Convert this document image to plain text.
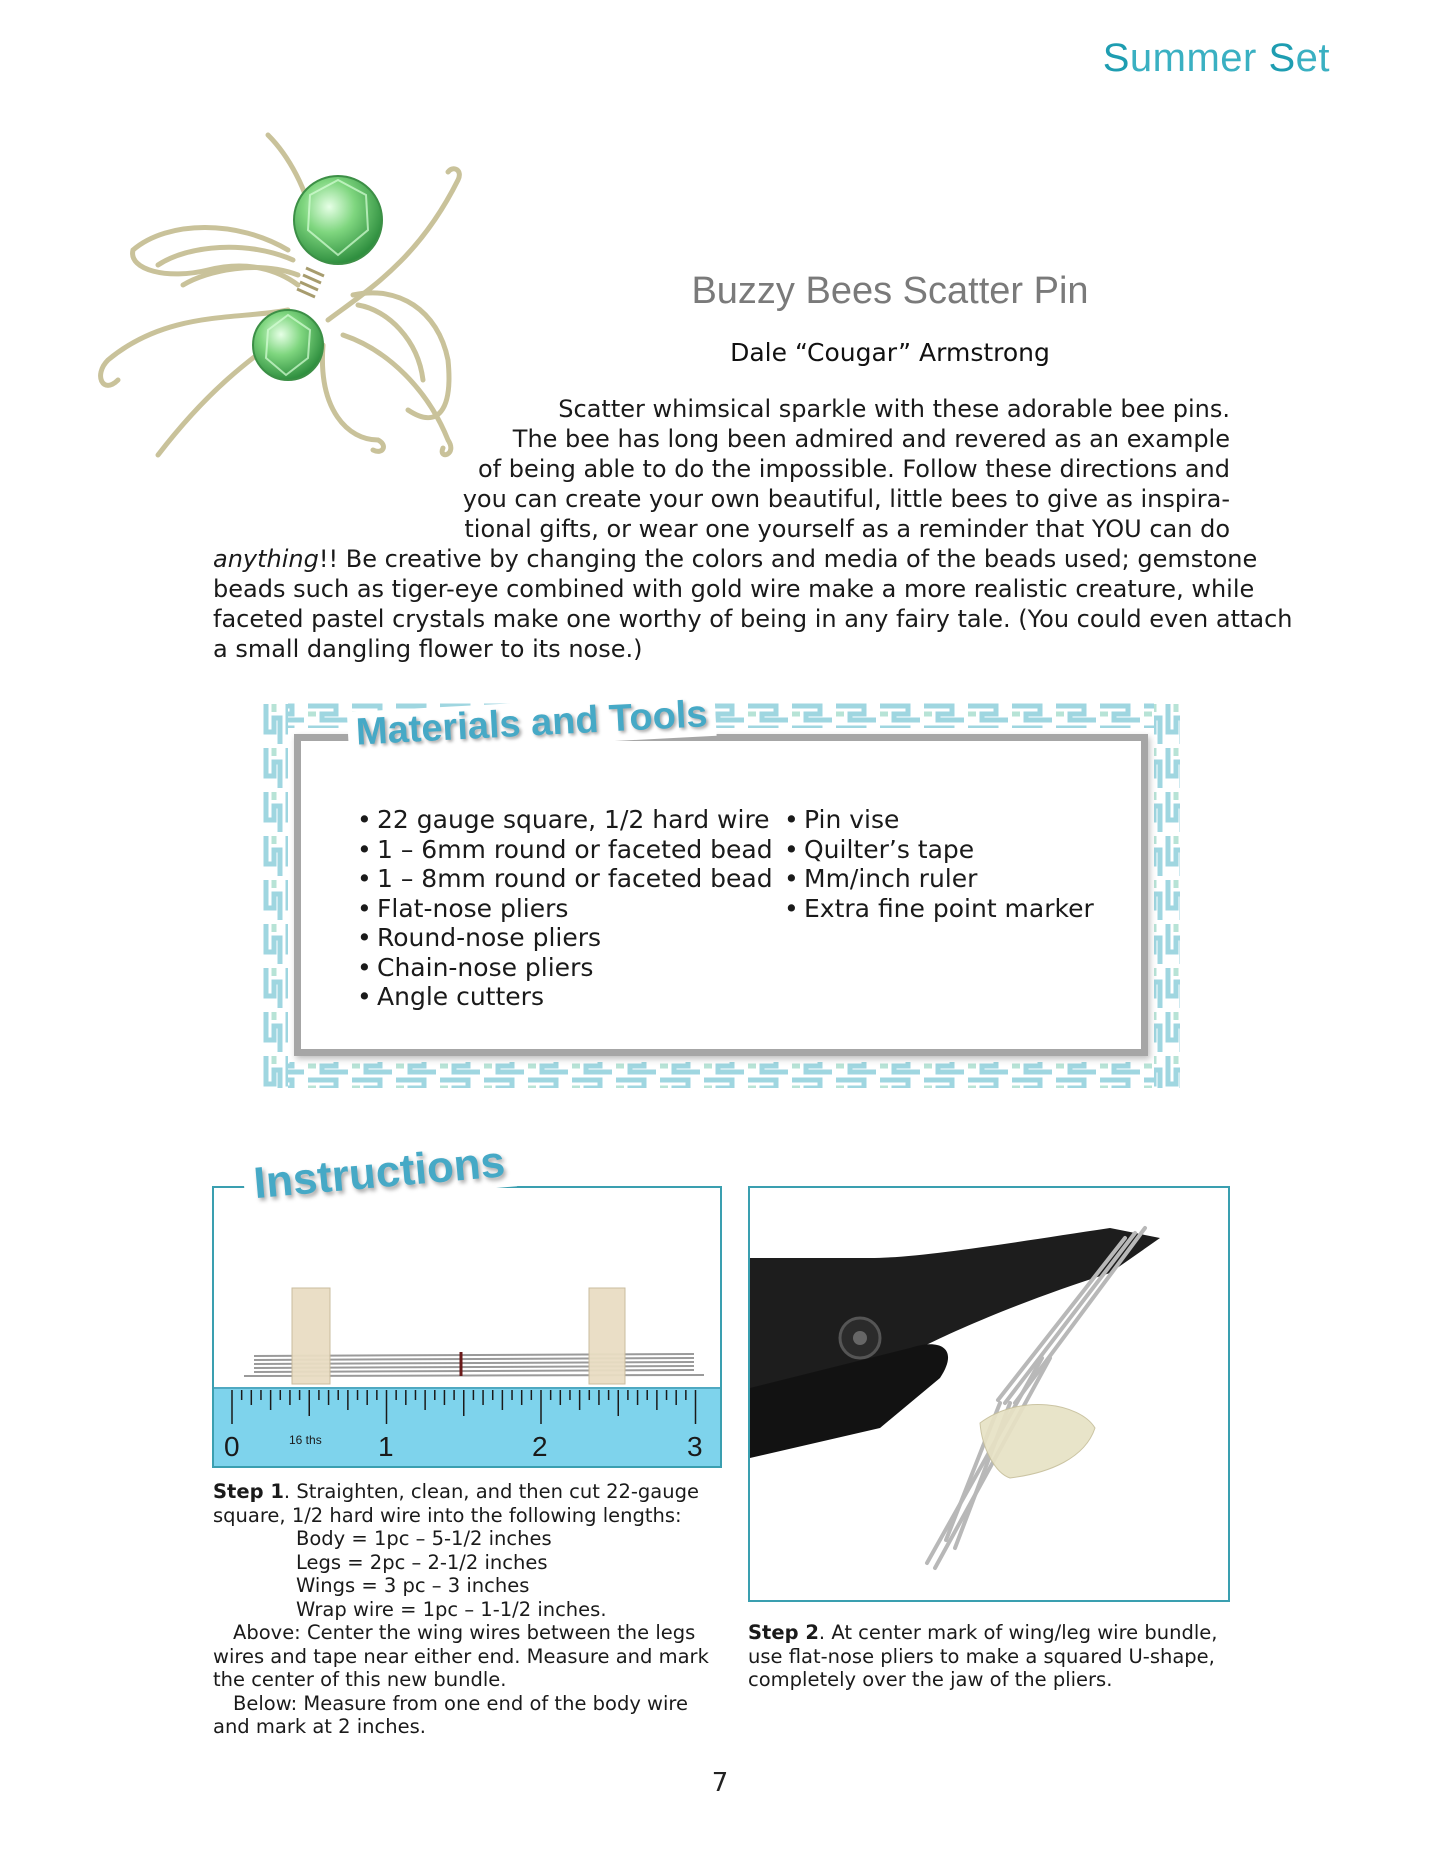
Summer Set
Buzzy Bees Scatter Pin
Dale “Cougar” Armstrong
Scatter whimsical sparkle with these adorable bee pins.
The bee has long been admired and revered as an example
of being able to do the impossible. Follow these directions and
you can create your own beautiful, little bees to give as inspira-
tional gifts, or wear one yourself as a reminder that YOU can do
anything!! Be creative by changing the colors and media of the beads used; gemstone
beads such as tiger-eye combined with gold wire make a more realistic creature, while
faceted pastel crystals make one worthy of being in any fairy tale. (You could even attach
a small dangling flower to its nose.)
Materials and Tools
• 22 gauge square, 1/2 hard wire
• 1 – 6mm round or faceted bead
• 1 – 8mm round or faceted bead
• Flat-nose pliers
• Round-nose pliers
• Chain-nose pliers
• Angle cutters
• Pin vise
• Quilter’s tape
• Mm/inch ruler
• Extra fine point marker
0	1	2	3
16 ths
Instructions
Step 1. Straighten, clean, and then cut 22-gauge
square, 1/2 hard wire into the following lengths:
Body = 1pc – 5-1/2 inches
Legs = 2pc – 2-1/2 inches
Wings = 3 pc – 3 inches
Wrap wire = 1pc – 1-1/2 inches.
Above: Center the wing wires between the legs
wires and tape near either end. Measure and mark
the center of this new bundle.
Below: Measure from one end of the body wire
and mark at 2 inches.
Step 2. At center mark of wing/leg wire bundle,
use flat-nose pliers to make a squared U-shape,
completely over the jaw of the pliers.
7
